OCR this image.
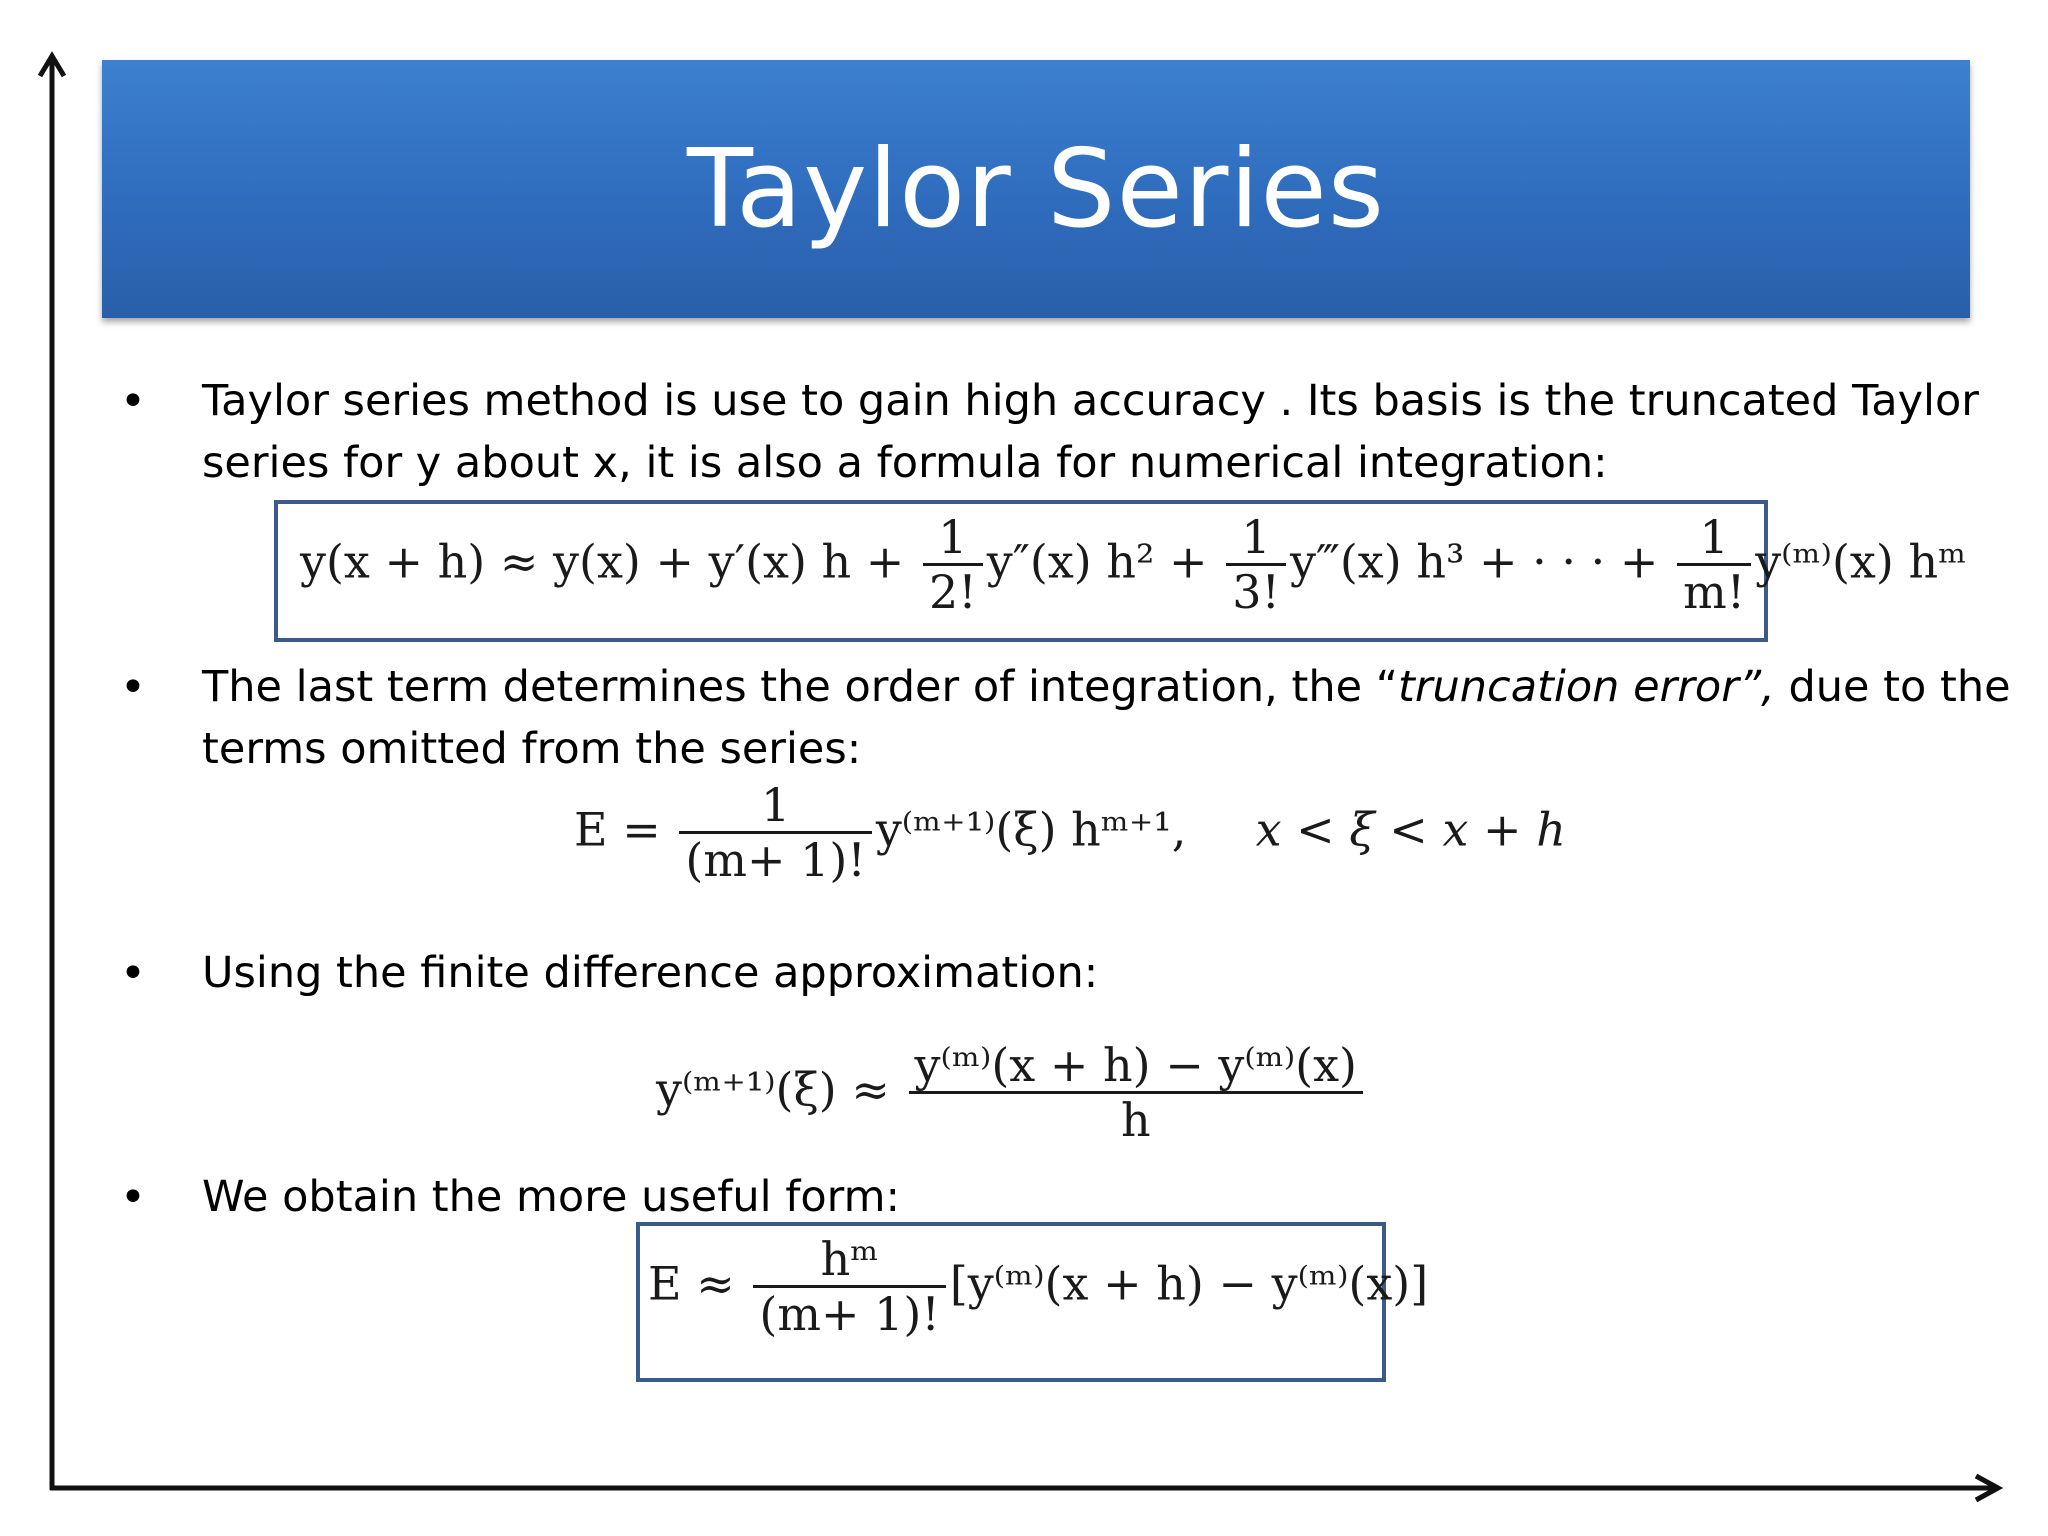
Taylor Series
• Taylor series method is use to gain high accuracy . Its basis is the truncated Taylor series for y about x, it is also a formula for numerical integration:
y(x + h) ≈ y(x) + y′(x) $h + \frac{1}{2!} y''(x) h^2 + \frac{1}{3!}$ y‴(x) h³ + · · · + $\frac{1}{m!}$ y⁽ᵐ⁾(x) hᵐ
• The last term determines the order of integration, the “truncation error”, due to the terms omitted from the series:
$E = \frac{1}{(m+ 1)!}$ y⁽ᵐ⁺¹⁾(ξ) hᵐ⁺¹, x < ξ < x + h
• Using the finite difference approximation:
y⁽ᵐ⁺¹⁾(ξ) ≈ $\frac{\text{y⁽ᵐ⁾(x + h) − y⁽ᵐ⁾(x)}}{h}$
• We obtain the more useful form:
$E \approx \frac{\text{hᵐ}}{(m+ 1)!}$ [y⁽ᵐ⁾(x + h) − y⁽ᵐ⁾(x)]
